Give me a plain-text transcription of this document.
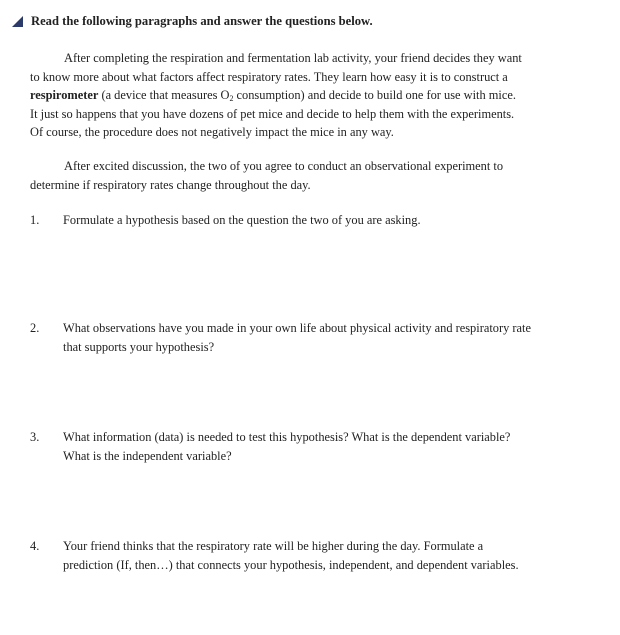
Read the following paragraphs and answer the questions below.
After completing the respiration and fermentation lab activity, your friend decides they want
to know more about what factors affect respiratory rates. They learn how easy it is to construct a
respirometer (a device that measures $O_2$ consumption) and decide to build one for use with mice.
It just so happens that you have dozens of pet mice and decide to help them with the experiments.
Of course, the procedure does not negatively impact the mice in any way.
After excited discussion, the two of you agree to conduct an observational experiment to
determine if respiratory rates change throughout the day.
1. Formulate a hypothesis based on the question the two of you are asking.
2. What observations have you made in your own life about physical activity and respiratory rate
that supports your hypothesis?
3. What information (data) is needed to test this hypothesis? What is the dependent variable?
What is the independent variable?
4. Your friend thinks that the respiratory rate will be higher during the day. Formulate a
prediction (If, then…) that connects your hypothesis, independent, and dependent variables.
